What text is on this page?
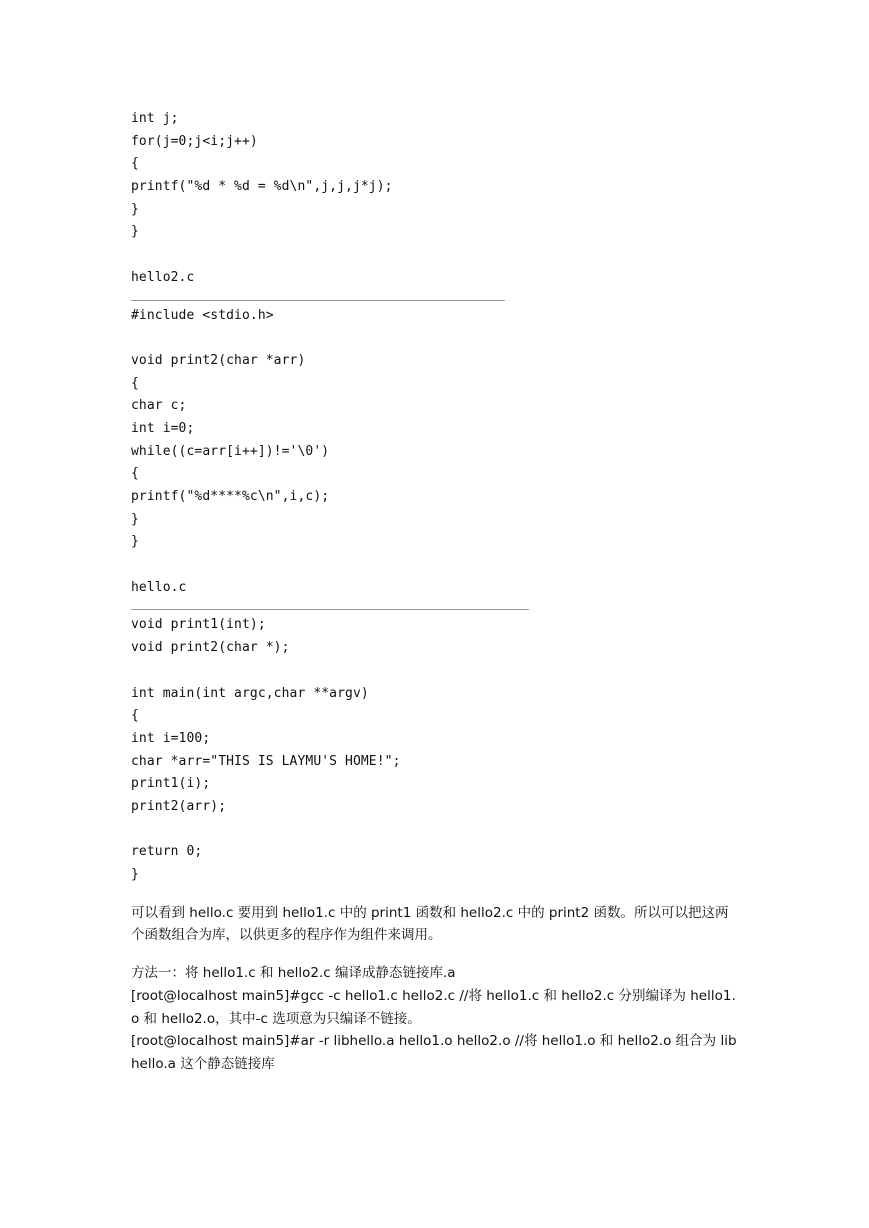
int j;
for(j=0;j<i;j++)
{
printf("%d * %d = %d\n",j,j,j*j);
}
}
hello2.c
#include <stdio.h>
void print2(char *arr)
{
char c;
int i=0;
while((c=arr[i++])!='\0')
{
printf("%d****%c\n",i,c);
}
}
hello.c
void print1(int);
void print2(char *);
int main(int argc,char **argv)
{
int i=100;
char *arr="THIS IS LAYMU'S HOME!";
print1(i);
print2(arr);
return 0;
}
可以看到 hello.c 要用到 hello1.c 中的 print1 函数和 hello2.c 中的 print2 函数。所以可以把这两个函数组合为库，以供更多的程序作为组件来调用。
方法一：将 hello1.c 和 hello2.c 编译成静态链接库.a
[root@localhost main5]#gcc -c hello1.c hello2.c //将 hello1.c 和 hello2.c 分别编译为 hello1.o 和 hello2.o，其中-c 选项意为只编译不链接。
[root@localhost main5]#ar -r libhello.a hello1.o hello2.o //将 hello1.o 和 hello2.o 组合为 libhello.a 这个静态链接库
